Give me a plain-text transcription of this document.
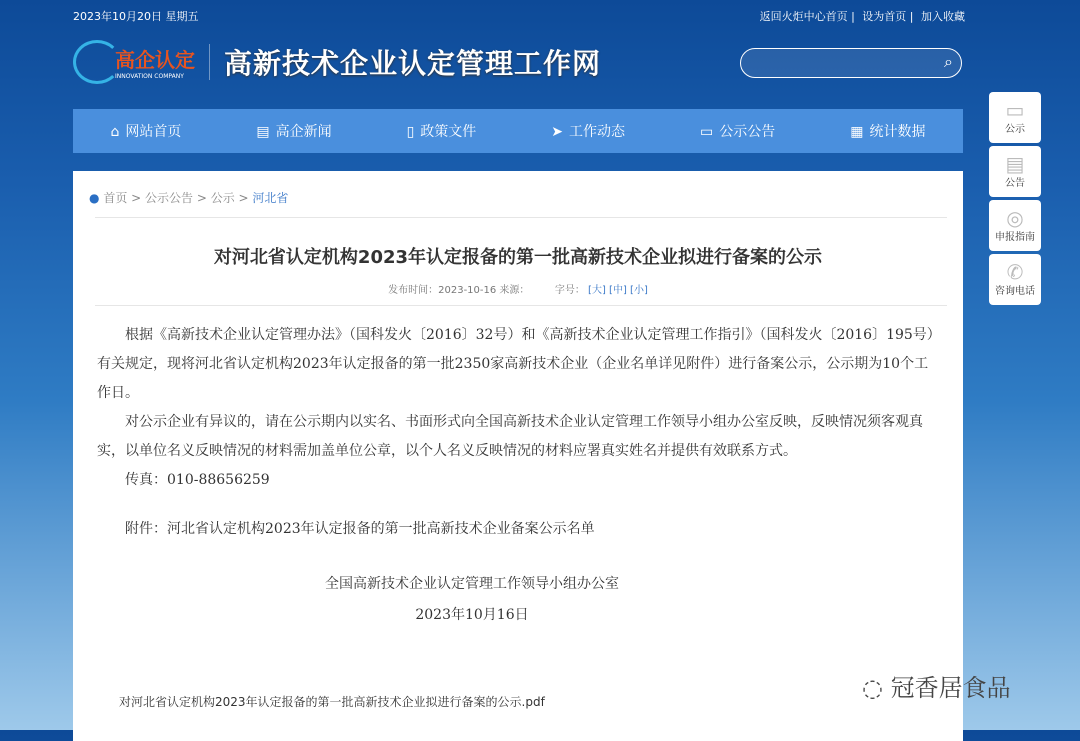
2023年10月20日 星期五	返回火炬中心首页 | 设为首页 | 加入收藏
高企认定
INNOVATION COMPANY	高新技术企业认定管理工作网	⌕
⌂ 网站首页	▤ 高企新闻	▯ 政策文件	➤ 工作动态	▭ 公示公告	▦ 统计数据
● 首页 > 公示公告 > 公示 > 河北省
对河北省认定机构2023年认定报备的第一批高新技术企业拟进行备案的公示
发布时间：2023-10-16 来源：	字号： [大] [中] [小]

根据《高新技术企业认定管理办法》（国科发火〔2016〕32号）和《高新技术企业认定管理工作指引》（国科发火〔2016〕195号）有关规定，现将河北省认定机构2023年认定报备的第一批2350家高新技术企业（企业名单详见附件）进行备案公示，公示期为10个工作日。

对公示企业有异议的，请在公示期内以实名、书面形式向全国高新技术企业认定管理工作领导小组办公室反映，反映情况须客观真实，以单位名义反映情况的材料需加盖单位公章，以个人名义反映情况的材料应署真实姓名并提供有效联系方式。

传真：010-88656259

附件：河北省认定机构2023年认定报备的第一批高新技术企业备案公示名单

全国高新技术企业认定管理工作领导小组办公室

2023年10月16日

对河北省认定机构2023年认定报备的第一批高新技术企业拟进行备案的公示.pdf
▭
公示
▤
公告
◎
申报指南
✆
咨询电话
◌ 冠香居食品
